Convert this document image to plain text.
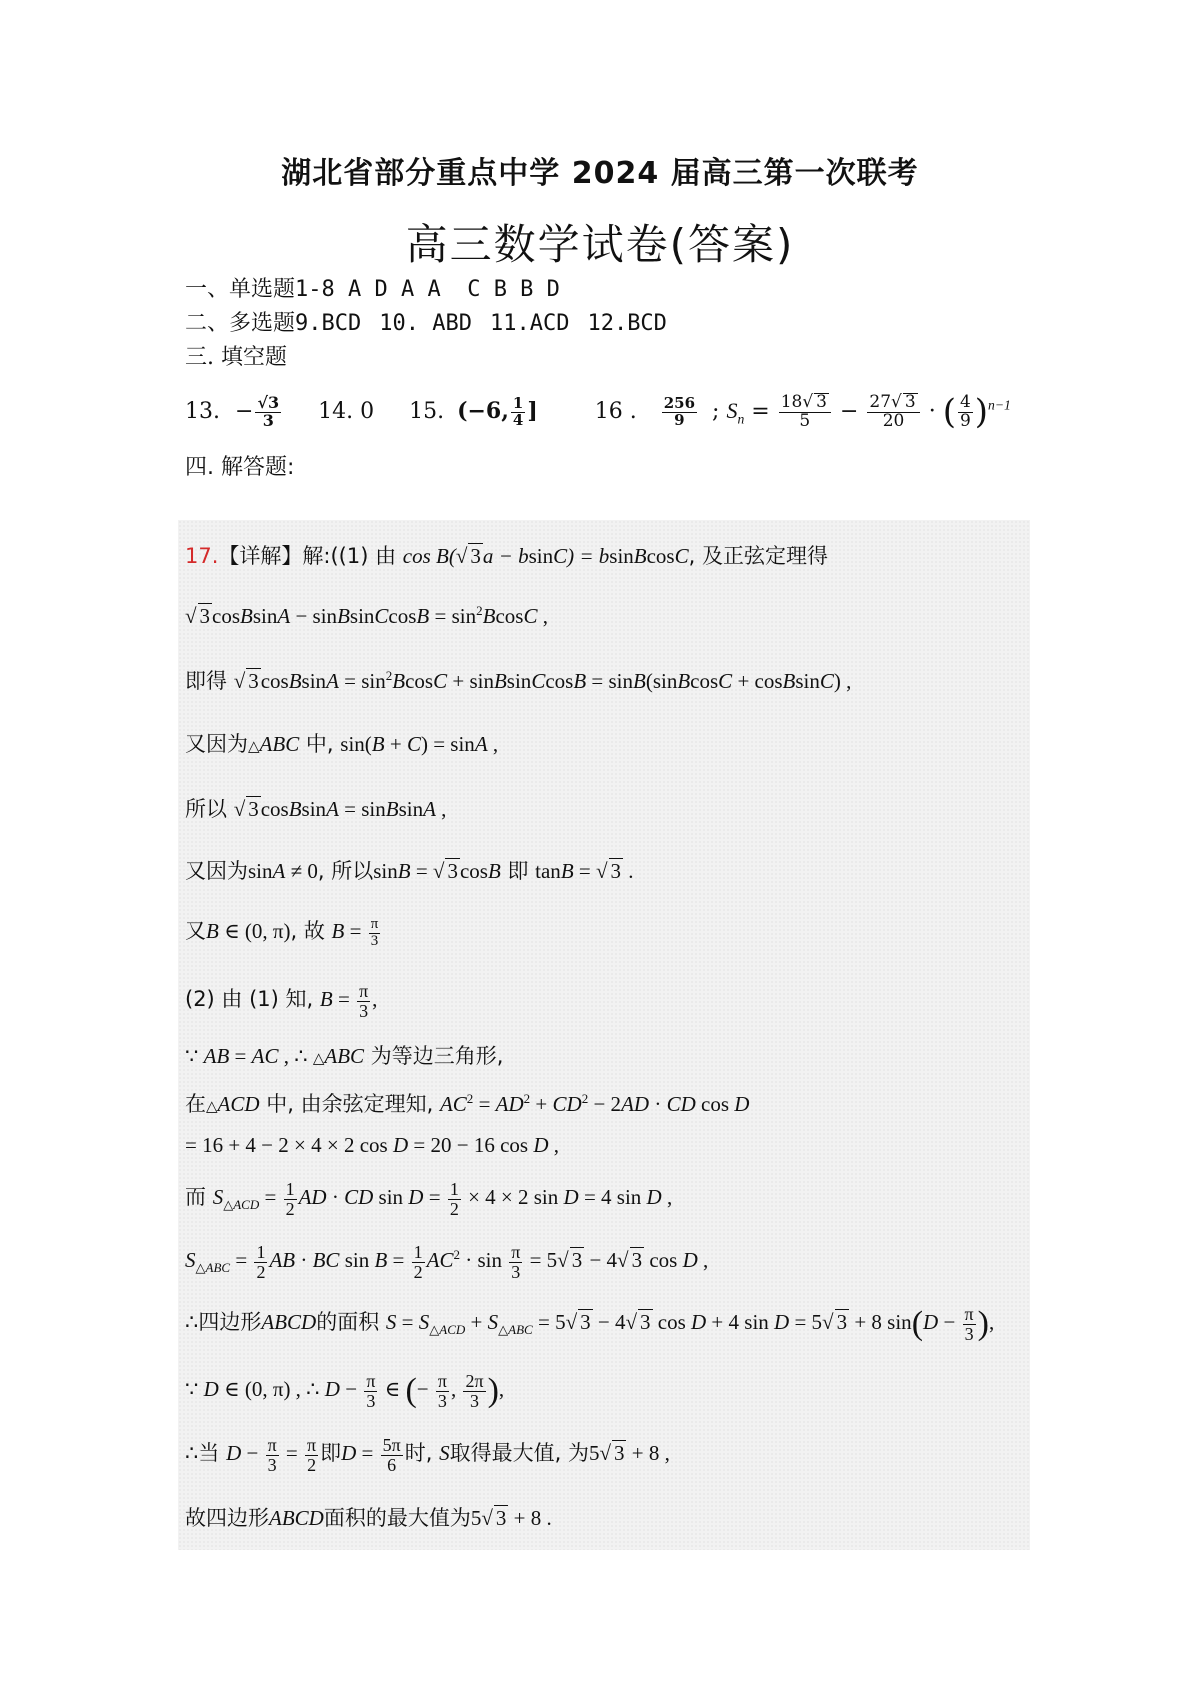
湖北省部分重点中学 2024 届高三第一次联考
高三数学试卷(答案)
一、单选题1-8 A D A A  C B B D
二、多选题9.BCD 10. ABD 11.ACD 12.BCD
三. 填空题
13. − $\frac{√3}{3} 14$. 0 15. (−6, $\frac{1}{4}$ ]	16 . $\frac{256}{9}$ ; $S_n = \frac{18√ 3}{5} - \frac{27√ 3}{20}$ · ( $\frac{4}{9} )^{n-1}$
四. 解答题:
17.【详解】解:((1) 由 cos B(√ 3a − bsinC) = bsinBcosC, 及正弦定理得
√ 3cosBsinA − sinBsinCcosB = $\sin^2BcosC$ ,
即得 √ 3cosBsinA = $\sin^2BcosC$ + sinBsinCcosB = sinB(sinBcosC + cosBsinC) ,
又因为△ABC 中, sin(B + C) = sinA ,
所以 √ 3cosBsinA = sinBsinA ,
又因为sinA ≠ 0, 所以sinB = √ 3cosB 即 tanB = √ 3 .
又B ∈ (0, π), 故 $B = \frac{\pi}{3}$
(2) 由 (1) 知, $B = \frac{\pi}{3}$ ,
∵ AB = AC , ∴ △ABC 为等边三角形,
在△ACD 中, 由余弦定理知, $AC^2 = AD^2 + CD^2 - 2AD$ · CD cos D
= 16 + 4 − 2 × 4 × 2 cos D = 20 − 16 cos D ,
而 $S_{\triangle ACD} = \frac{1}{2}$ AD · CD $\sin D = \frac{1}{2} \times 4 \times 2$ sin D = 4 sin D ,
$S_{\triangle ABC} = \frac{1}{2}$ AB · BC $\sin B = \frac{1}{2} AC^2 \cdot \sin \frac{\pi}{3} = 5√$ 3 − 4√ 3 cos D ,
∴四边形ABCD的面积 $S = S_{\triangle ACD} + S_{\triangle ABC} = 5√$ 3 − 4√ 3 cos D + 4 sin D = 5√ 3 + 8 $\sin(D - \frac{\pi}{3}$ ),
∵ D ∈ (0, π) , ∴ $D - \frac{\pi}{3}$ ∈ (− $\frac{\pi}{3}$ , $\frac{2\pi}{3}$ ),
∴当 $D - \frac{\pi}{3} = \frac{\pi}{2}$ 即$D = \frac{5\pi}{6}$ 时, S取得最大值, 为5√ 3 + 8 ,
故四边形ABCD面积的最大值为5√ 3 + 8 .
